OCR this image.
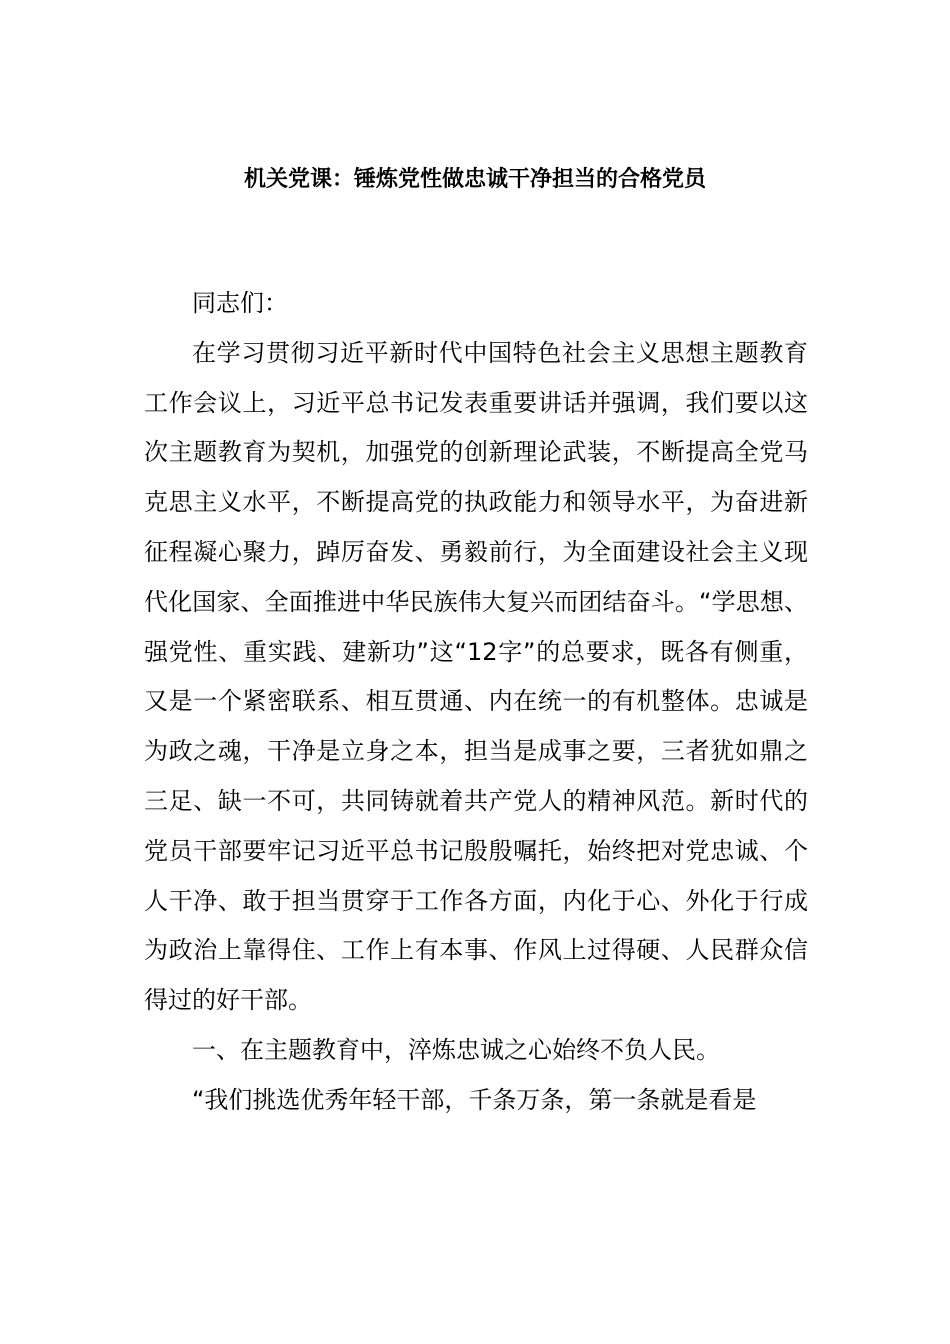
机关党课：锤炼党性做忠诚干净担当的合格党员

同志们：

在学习贯彻习近平新时代中国特色社会主义思想主题教育工作会议上，习近平总书记发表重要讲话并强调，我们要以这次主题教育为契机，加强党的创新理论武装，不断提高全党马克思主义水平，不断提高党的执政能力和领导水平，为奋进新征程凝心聚力，踔厉奋发、勇毅前行，为全面建设社会主义现代化国家、全面推进中华民族伟大复兴而团结奋斗。“学思想、强党性、重实践、建新功”这“12字”的总要求，既各有侧重，又是一个紧密联系、相互贯通、内在统一的有机整体。忠诚是为政之魂，干净是立身之本，担当是成事之要，三者犹如鼎之三足、缺一不可，共同铸就着共产党人的精神风范。新时代的党员干部要牢记习近平总书记殷殷嘱托，始终把对党忠诚、个人干净、敢于担当贯穿于工作各方面，内化于心、外化于行成为政治上靠得住、工作上有本事、作风上过得硬、人民群众信得过的好干部。

一、在主题教育中，淬炼忠诚之心始终不负人民。

“我们挑选优秀年轻干部，千条万条，第一条就是看是
